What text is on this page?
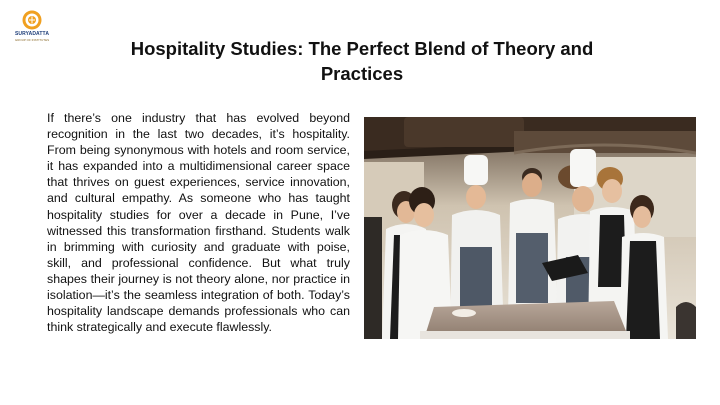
SURYADATTA
GROUP OF INSTITUTES	Hospitality Studies: The Perfect Blend of Theory and Practices

If there’s one industry that has evolved beyond recognition in the last two decades, it’s hospitality. From being synonymous with hotels and room service, it has expanded into a multidimensional career space that thrives on guest experiences, service innovation, and cultural empathy. As someone who has taught hospitality studies for over a decade in Pune, I’ve witnessed this transformation firsthand. Students walk in brimming with curiosity and graduate with poise, skill, and professional confidence. But what truly shapes their journey is not theory alone, nor practice in isolation—it’s the seamless integration of both. Today’s hospitality landscape demands professionals who can think strategically and execute flawlessly.
